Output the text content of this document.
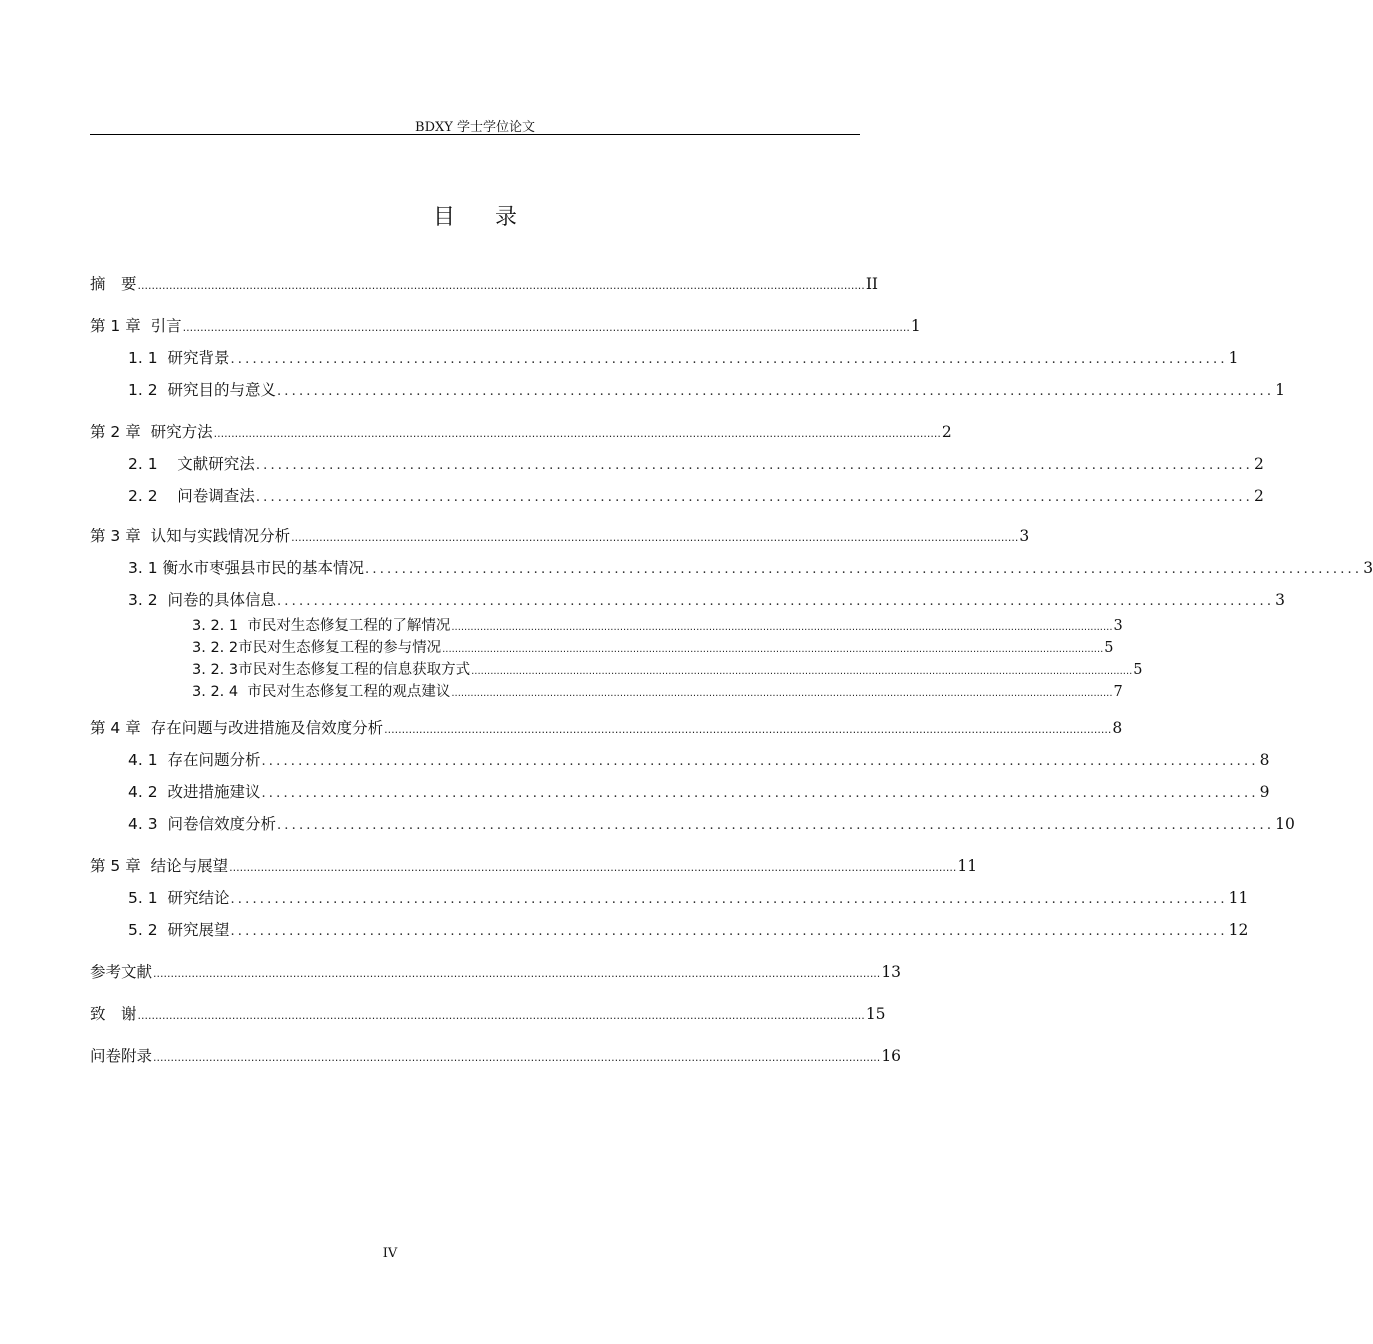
BDXY 学士学位论文
目录
摘　要 ................................................................................................................................................................................................................ II
第 1 章 引言 ................................................................................................................................................................................................................ 1
1. 1 研究背景 ........................................................................................................................................ 1
1. 2 研究目的与意义 ........................................................................................................................................ 1
第 2 章 研究方法 ................................................................................................................................................................................................................ 2
2. 1 文献研究法 ........................................................................................................................................ 2
2. 2 问卷调查法 ........................................................................................................................................ 2
第 3 章 认知与实践情况分析 ................................................................................................................................................................................................................ 3
3. 1 衡水市枣强县市民的基本情况 ........................................................................................................................................ 3
3. 2 问卷的具体信息 ........................................................................................................................................ 3
3. 2. 1 市民对生态修复工程的了解情况 ................................................................................................................................................................................................................ 3
3. 2. 2市民对生态修复工程的参与情况 ................................................................................................................................................................................................................ 5
3. 2. 3市民对生态修复工程的信息获取方式 ................................................................................................................................................................................................................ 5
3. 2. 4 市民对生态修复工程的观点建议 ................................................................................................................................................................................................................ 7
第 4 章 存在问题与改进措施及信效度分析 ................................................................................................................................................................................................................ 8
4. 1 存在问题分析 ........................................................................................................................................ 8
4. 2 改进措施建议 ........................................................................................................................................ 9
4. 3 问卷信效度分析 ........................................................................................................................................ 10
第 5 章 结论与展望 ................................................................................................................................................................................................................ 11
5. 1 研究结论 ........................................................................................................................................ 11
5. 2 研究展望 ........................................................................................................................................ 12
参考文献 ................................................................................................................................................................................................................ 13
致　谢 ................................................................................................................................................................................................................ 15
问卷附录 ................................................................................................................................................................................................................ 16
IV
